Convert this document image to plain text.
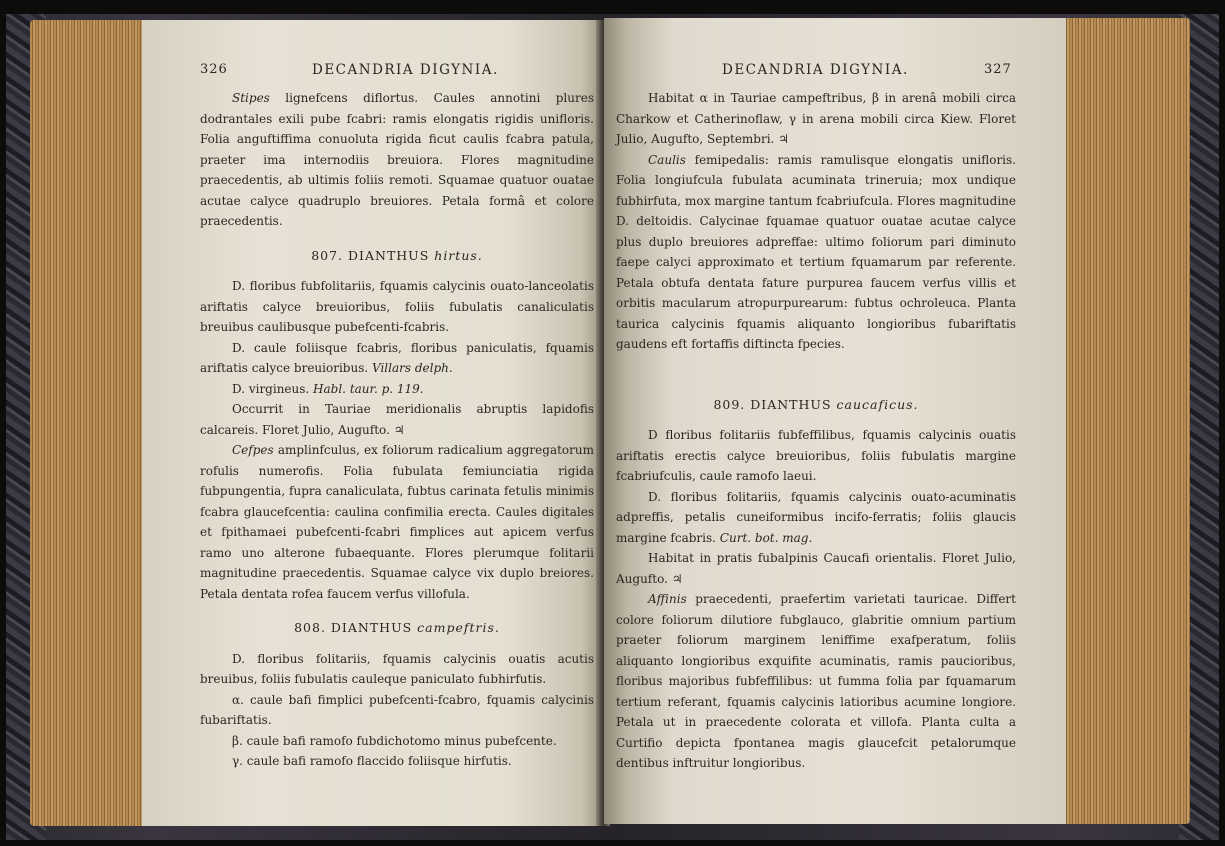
326	DECANDRIA DIGYNIA.

Stipes lignefcens diflortus. Caules annotini plures dodrantales exili pube fcabri: ramis elongatis rigidis unifloris. Folia anguftiffima conuoluta rigida ficut caulis fcabra patula, praeter ima internodiis breuiora. Flores magnitudine praecedentis, ab ultimis foliis remoti. Squamae quatuor ouatae acutae calyce quadruplo breuiores. Petala formâ et colore praecedentis.

807. DIANTHUS hirtus.

D. floribus fubfolitariis, fquamis calycinis ouato-lanceolatis ariftatis calyce breuioribus, foliis fubulatis canaliculatis breuibus caulibusque pubefcenti-fcabris.

D. caule foliisque fcabris, floribus paniculatis, fquamis ariftatis calyce breuioribus. Villars delph.

D. virgineus. Habl. taur. p. 119.

Occurrit in Tauriae meridionalis abruptis lapidofis calcareis. Floret Julio, Augufto. ♃

Cefpes amplinfculus, ex foliorum radicalium aggregatorum rofulis numerofis. Folia fubulata femiunciatia rigida fubpungentia, fupra canaliculata, fubtus carinata fetulis minimis fcabra glaucefcentia: caulina confimilia erecta. Caules digitales et fpithamaei pubefcenti-fcabri fimplices aut apicem verfus ramo uno alterone fubaequante. Flores plerumque folitarii magnitudine praecedentis. Squamae calyce vix duplo breiores. Petala dentata rofea faucem verfus villofula.

808. DIANTHUS campeftris.

D. floribus folitariis, fquamis calycinis ouatis acutis breuibus, foliis fubulatis cauleque paniculato fubhirfutis.

α. caule bafi fimplici pubefcenti-fcabro, fquamis calycinis fubariftatis.

β. caule bafi ramofo fubdichotomo minus pubefcente.

γ. caule bafi ramofo flaccido foliisque hirfutis.

DECANDRIA DIGYNIA.	327

Habitat α in Tauriae campeftribus, β in arenâ mobili circa Charkow et Catherinoflaw, γ in arena mobili circa Kiew. Floret Julio, Augufto, Septembri. ♃

Caulis femipedalis: ramis ramulisque elongatis unifloris. Folia longiufcula fubulata acuminata trineruia; mox undique fubhirfuta, mox margine tantum fcabriufcula. Flores magnitudine D. deltoidis. Calycinae fquamae quatuor ouatae acutae calyce plus duplo breuiores adpreffae: ultimo foliorum pari diminuto faepe calyci approximato et tertium fquamarum par referente. Petala obtufa dentata fature purpurea faucem verfus villis et orbitis macularum atropurpurearum: fubtus ochroleuca. Planta taurica calycinis fquamis aliquanto longioribus fubariftatis gaudens eft fortaffis diftincta fpecies.

809. DIANTHUS caucaficus.

D floribus folitariis fubfeffilibus, fquamis calycinis ouatis ariftatis erectis calyce breuioribus, foliis fubulatis margine fcabriufculis, caule ramofo laeui.

D. floribus folitariis, fquamis calycinis ouato-acuminatis adpreffis, petalis cuneiformibus incifo-ferratis; foliis glaucis margine fcabris. Curt. bot. mag.

Habitat in pratis fubalpinis Caucafi orientalis. Floret Julio, Augufto. ♃

Affinis praecedenti, praefertim varietati tauricae. Differt colore foliorum dilutiore fubglauco, glabritie omnium partium praeter foliorum marginem leniffime exafperatum, foliis aliquanto longioribus exquifite acuminatis, ramis paucioribus, floribus majoribus fubfeffilibus: ut fumma folia par fquamarum tertium referant, fquamis calycinis latioribus acumine longiore. Petala ut in praecedente colorata et villofa. Planta culta a Curtifio depicta fpontanea magis glaucefcit petalorumque dentibus inftruitur longioribus.
